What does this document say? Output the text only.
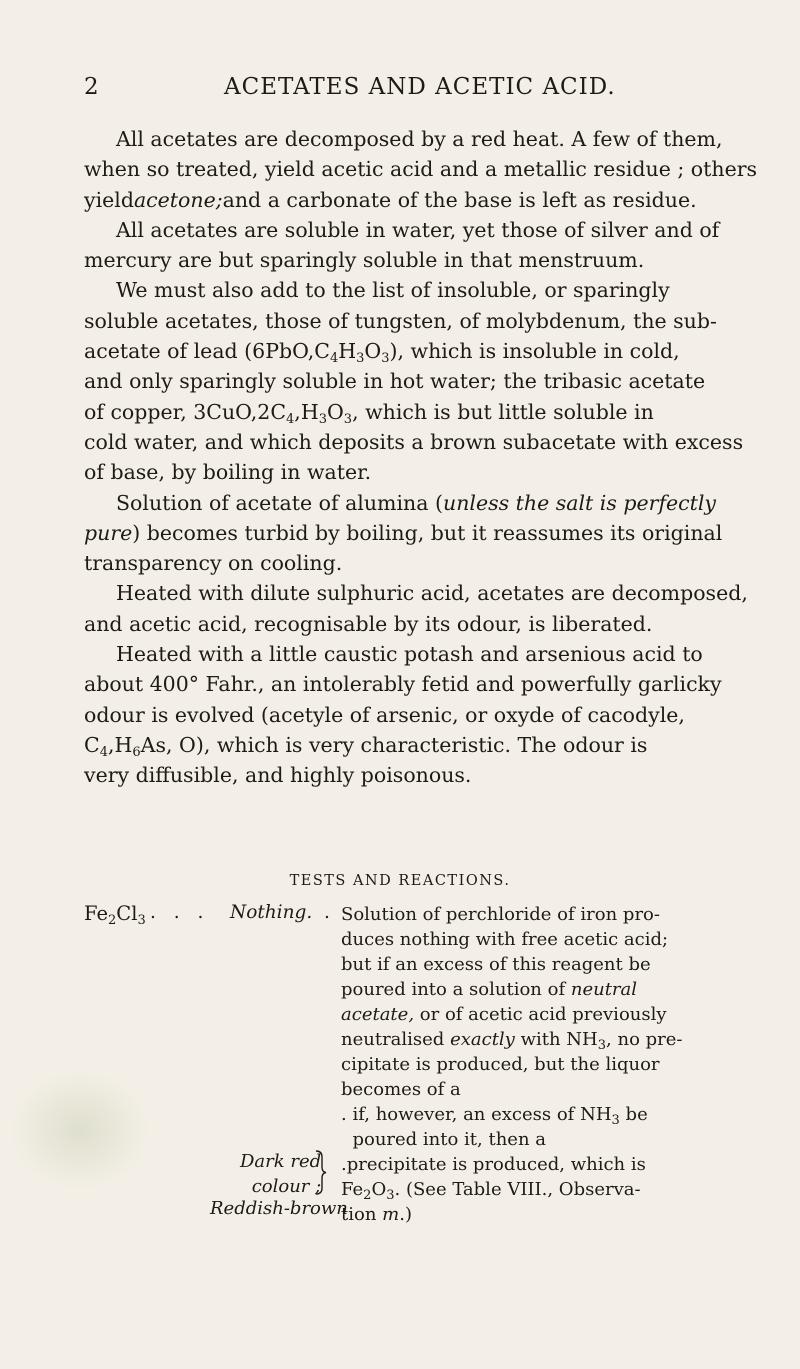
2	ACETATES AND ACETIC ACID.
All acetates are decomposed by a red heat. A few of them,
when so treated, yield acetic acid and a metallic residue ; others
yield acetone; and a carbonate of the base is left as residue.
All acetates are soluble in water, yet those of silver and of
mercury are but sparingly soluble in that menstruum.
We must also add to the list of insoluble, or sparingly
soluble acetates, those of tungsten, of molybdenum, the sub-
acetate of lead $(6PbO,C_4H_3O_3)$, which is insoluble in cold,
and only sparingly soluble in hot water; the tribasic acetate
of copper, $3CuO,2C_4,H_3O_3$, which is but little soluble in
cold water, and which deposits a brown subacetate with excess
of base, by boiling in water.
Solution of acetate of alumina (unless the salt is perfectly
pure) becomes turbid by boiling, but it reassumes its original
transparency on cooling.
Heated with dilute sulphuric acid, acetates are decomposed,
and acetic acid, recognisable by its odour, is liberated.
Heated with a little caustic potash and arsenious acid to
about 400° Fahr., an intolerably fetid and powerfully garlicky
odour is evolved (acetyle of arsenic, or oxyde of cacodyle,
$C_4,H_6As$, O), which is very characteristic. The odour is
very diffusible, and highly poisonous.
TESTS AND REACTIONS.
$Fe_2Cl_3$ . . . Nothing. . Solution of perchloride of iron pro-
duces nothing with free acetic acid;
but if an excess of this reagent be
poured into a solution of neutral
acetate, or of acetic acid previously
neutralised exactly with $NH_3$, no pre-
cipitate is produced, but the liquor
becomes of a
. if, however, an excess of $NH_3$ be
poured into it, then a
.precipitate is produced, which is
$Fe_2O_3$. (See Table VIII., Observa-
tion m.)
Dark red
colour ;
Reddish-brown
